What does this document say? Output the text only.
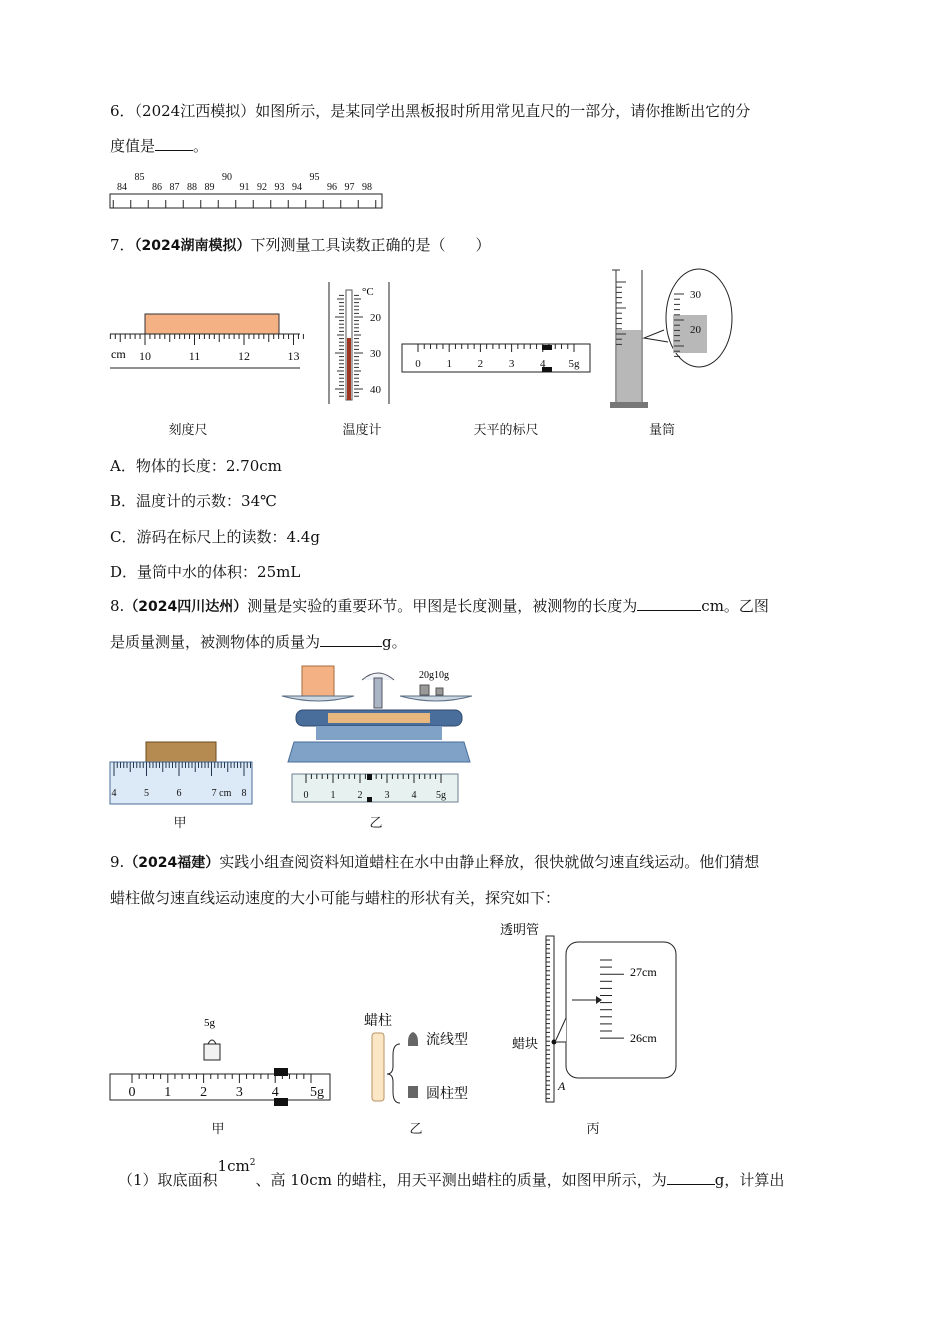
6．（2024江西模拟）如图所示，是某同学出黑板报时所用常见直尺的一部分，请你推断出它的分
度值是	。
84	86 87 88 89	91 92 93 94	96 97 98
85	90	95
7．（2024湖南模拟）下列测量工具读数正确的是（　　）
cm 10	11	12	13
°C
20
30
40
0 1 2 3 4 5g
30
20
刻度尺	温度计	天平的标尺	量筒
A．物体的长度：2.70cm
B．温度计的示数：34℃
C．游码在标尺上的读数：4.4g
D．量筒中水的体积：25mL
8.（2024四川达州）测量是实验的重要环节。甲图是长度测量，被测物的长度为	cm。乙图
是质量测量，被测物体的质量为	g。
4	5	6	7 cm 8
甲
20g10g
0 1 2 3 4 5g
乙
9.（2024福建）实践小组查阅资料知道蜡柱在水中由静止释放，很快就做匀速直线运动。他们猜想
蜡柱做匀速直线运动速度的大小可能与蜡柱的形状有关，探究如下：
5g
0 1 2 3 4 5g
甲
蜡柱
流线型
圆柱型
乙
透明管
蜡块
A
27cm
26cm
丙
（1）取底面积$1cm^2$、高 10cm 的蜡柱，用天平测出蜡柱的质量，如图甲所示，为	g，计算出
